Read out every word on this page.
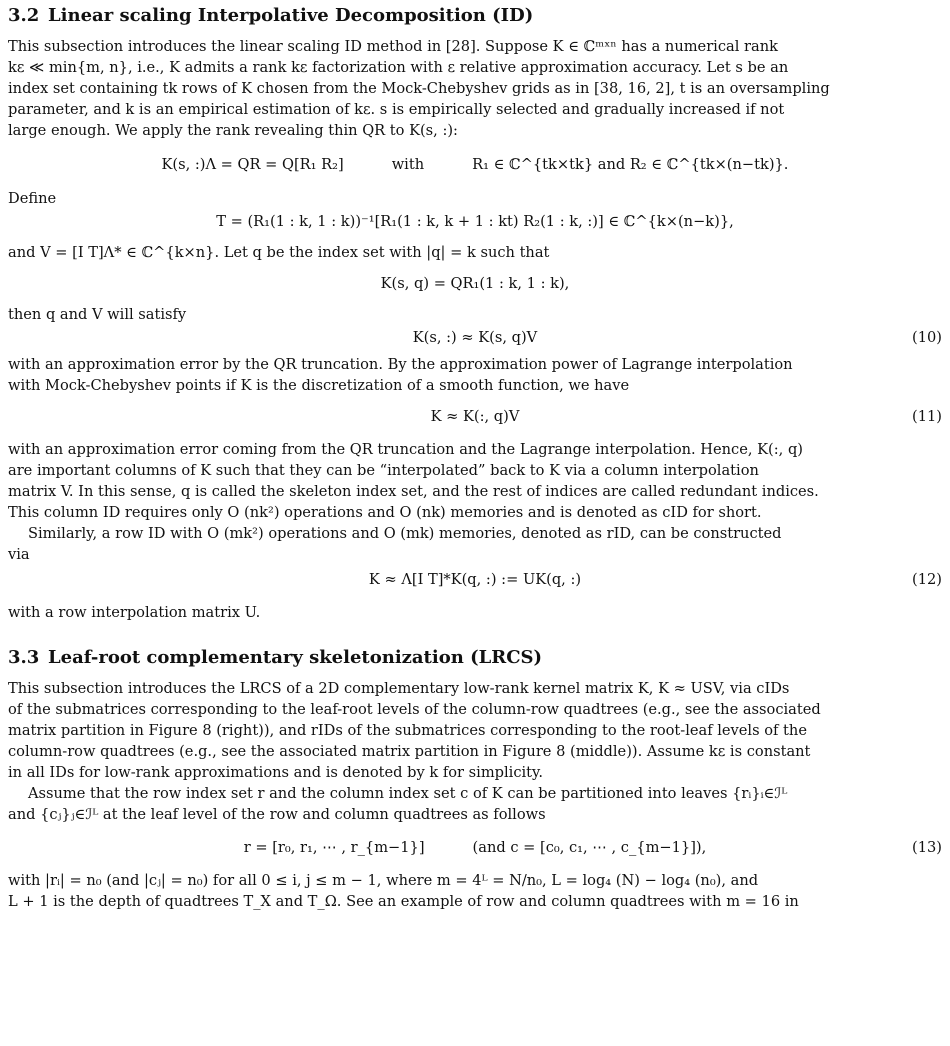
3.2 Linear scaling Interpolative Decomposition (ID)

This subsection introduces the linear scaling ID method in [28]. Suppose K ∈ ℂᵐˣⁿ has a numerical rank
kε ≪ min{m, n}, i.e., K admits a rank kε factorization with ε relative approximation accuracy. Let s be an
index set containing tk rows of K chosen from the Mock-Chebyshev grids as in [38, 16, 2], t is an oversampling
parameter, and k is an empirical estimation of kε. s is empirically selected and gradually increased if not
large enough. We apply the rank revealing thin QR to K(s, :):

K(s, :)Λ = QR = Q[R₁ R₂]	with	R₁ ∈ ℂ^{tk×tk} and R₂ ∈ ℂ^{tk×(n−tk)}.

Define

T = (R₁(1 : k, 1 : k))⁻¹[R₁(1 : k, k + 1 : kt) R₂(1 : k, :)] ∈ ℂ^{k×(n−k)},

and V = [I T]Λ* ∈ ℂ^{k×n}. Let q be the index set with |q| = k such that

K(s, q) = QR₁(1 : k, 1 : k),

then q and V will satisfy

K(s, :) ≈ K(s, q)V	(10)

with an approximation error by the QR truncation. By the approximation power of Lagrange interpolation
with Mock-Chebyshev points if K is the discretization of a smooth function, we have

K ≈ K(:, q)V	(11)

with an approximation error coming from the QR truncation and the Lagrange interpolation. Hence, K(:, q)
are important columns of K such that they can be “interpolated” back to K via a column interpolation
matrix V. In this sense, q is called the skeleton index set, and the rest of indices are called redundant indices.
This column ID requires only O (nk²) operations and O (nk) memories and is denoted as cID for short.

Similarly, a row ID with O (mk²) operations and O (mk) memories, denoted as rID, can be constructed
via

K ≈ Λ[I T]*K(q, :) := UK(q, :)	(12)

with a row interpolation matrix U.

3.3 Leaf-root complementary skeletonization (LRCS)

This subsection introduces the LRCS of a 2D complementary low-rank kernel matrix K, K ≈ USV, via cIDs
of the submatrices corresponding to the leaf-root levels of the column-row quadtrees (e.g., see the associated
matrix partition in Figure 8 (right)), and rIDs of the submatrices corresponding to the root-leaf levels of the
column-row quadtrees (e.g., see the associated matrix partition in Figure 8 (middle)). Assume kε is constant
in all IDs for low-rank approximations and is denoted by k for simplicity.

Assume that the row index set r and the column index set c of K can be partitioned into leaves {rᵢ}ᵢ∈ℐᴸ
and {cⱼ}ⱼ∈ℐᴸ at the leaf level of the row and column quadtrees as follows

r = [r₀, r₁, ⋯ , r_{m−1}]	(and c = [c₀, c₁, ⋯ , c_{m−1}]),	(13)

with |rᵢ| = n₀ (and |cⱼ| = n₀) for all 0 ≤ i, j ≤ m − 1, where m = 4ᴸ = N/n₀, L = log₄ (N) − log₄ (n₀), and
L + 1 is the depth of quadtrees T_X and T_Ω. See an example of row and column quadtrees with m = 16 in
